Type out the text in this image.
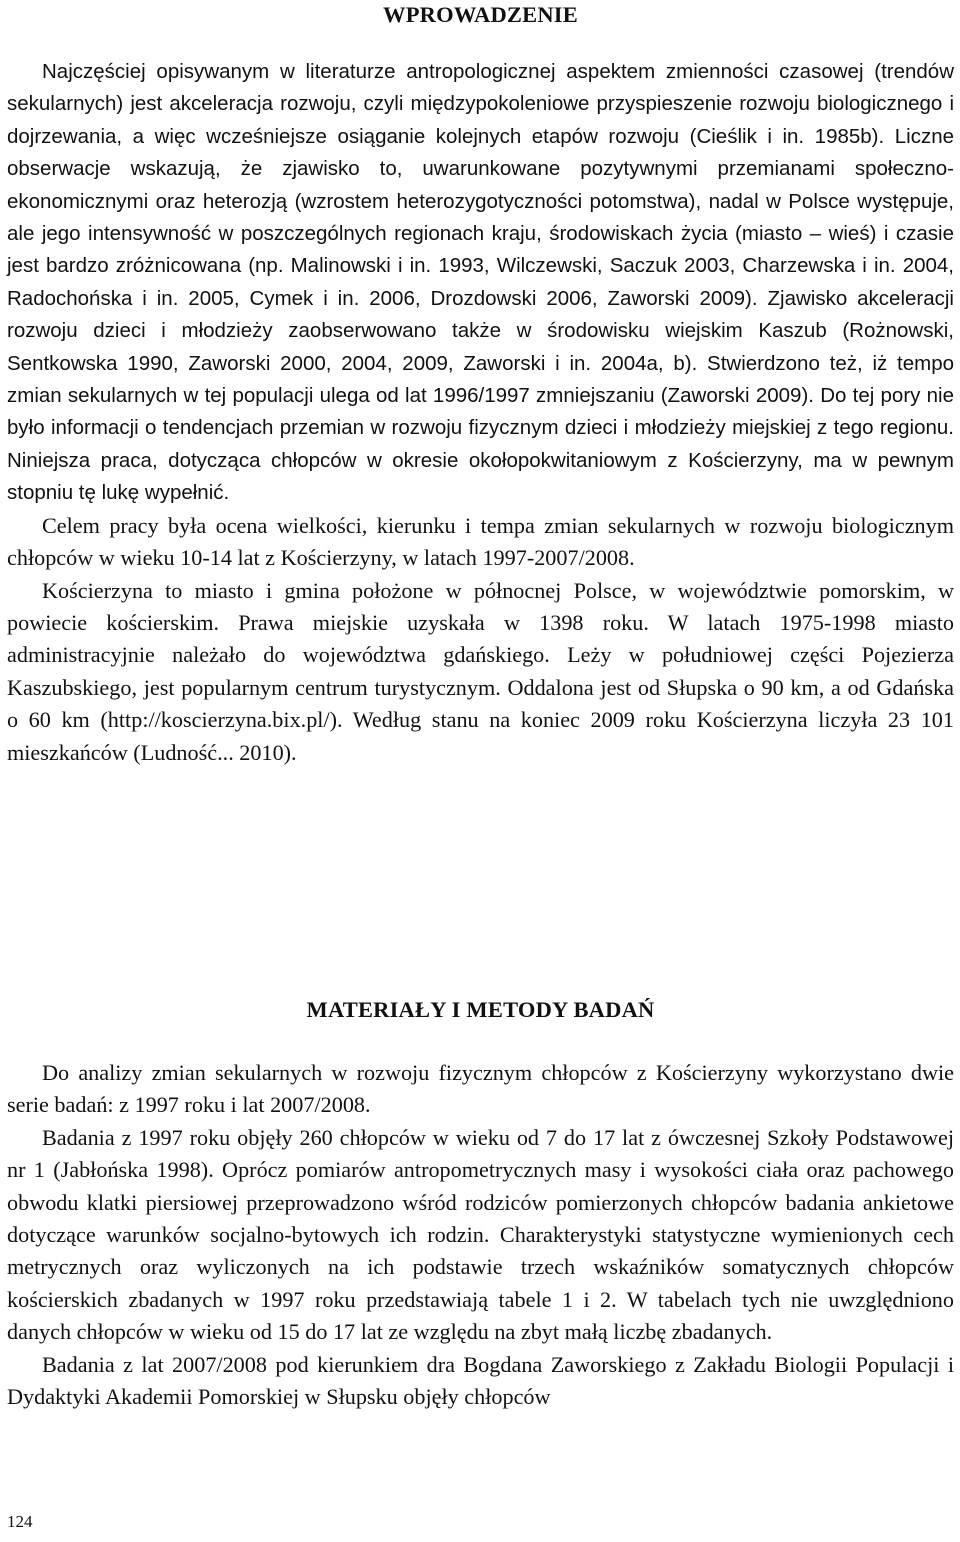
WPROWADZENIE

Najczęściej opisywanym w literaturze antropologicznej aspektem zmienności czasowej (trendów sekularnych) jest akceleracja rozwoju, czyli międzypokoleniowe przyspieszenie rozwoju biologicznego i dojrzewania, a więc wcześniejsze osiąganie kolejnych etapów rozwoju (Cieślik i in. 1985b). Liczne obserwacje wskazują, że zjawisko to, uwarunkowane pozytywnymi przemianami społeczno-ekonomicznymi oraz heterozją (wzrostem heterozygotyczności potomstwa), nadal w Polsce występuje, ale jego intensywność w poszczególnych regionach kraju, środowiskach życia (miasto – wieś) i czasie jest bardzo zróżnicowana (np. Malinowski i in. 1993, Wilczewski, Saczuk 2003, Charzewska i in. 2004, Radochońska i in. 2005, Cymek i in. 2006, Drozdowski 2006, Zaworski 2009). Zjawisko akceleracji rozwoju dzieci i młodzieży zaobserwowano także w środowisku wiejskim Kaszub (Rożnowski, Sentkowska 1990, Zaworski 2000, 2004, 2009, Zaworski i in. 2004a, b). Stwierdzono też, iż tempo zmian sekularnych w tej populacji ulega od lat 1996/1997 zmniejszaniu (Zaworski 2009). Do tej pory nie było informacji o tendencjach przemian w rozwoju fizycznym dzieci i młodzieży miejskiej z tego regionu. Niniejsza praca, dotycząca chłopców w okresie okołopokwitaniowym z Kościerzyny, ma w pewnym stopniu tę lukę wypełnić.

Celem pracy była ocena wielkości, kierunku i tempa zmian sekularnych w rozwoju biologicznym chłopców w wieku 10-14 lat z Kościerzyny, w latach 1997-2007/2008.

Kościerzyna to miasto i gmina położone w północnej Polsce, w województwie pomorskim, w powiecie kościerskim. Prawa miejskie uzyskała w 1398 roku. W latach 1975-1998 miasto administracyjnie należało do województwa gdańskiego. Leży w południowej części Pojezierza Kaszubskiego, jest popularnym centrum turystycznym. Oddalona jest od Słupska o 90 km, a od Gdańska o 60 km (http://koscierzyna.bix.pl/). Według stanu na koniec 2009 roku Kościerzyna liczyła 23 101 mieszkańców (Ludność... 2010).

MATERIAŁY I METODY BADAŃ

Do analizy zmian sekularnych w rozwoju fizycznym chłopców z Kościerzyny wykorzystano dwie serie badań: z 1997 roku i lat 2007/2008.

Badania z 1997 roku objęły 260 chłopców w wieku od 7 do 17 lat z ówczesnej Szkoły Podstawowej nr 1 (Jabłońska 1998). Oprócz pomiarów antropometrycznych masy i wysokości ciała oraz pachowego obwodu klatki piersiowej przeprowadzono wśród rodziców pomierzonych chłopców badania ankietowe dotyczące warunków socjalno-bytowych ich rodzin. Charakterystyki statystyczne wymienionych cech metrycznych oraz wyliczonych na ich podstawie trzech wskaźników somatycznych chłopców kościerskich zbadanych w 1997 roku przedstawiają tabele 1 i 2. W tabelach tych nie uwzględniono danych chłopców w wieku od 15 do 17 lat ze względu na zbyt małą liczbę zbadanych.

Badania z lat 2007/2008 pod kierunkiem dra Bogdana Zaworskiego z Zakładu Biologii Populacji i Dydaktyki Akademii Pomorskiej w Słupsku objęły chłopców

124
